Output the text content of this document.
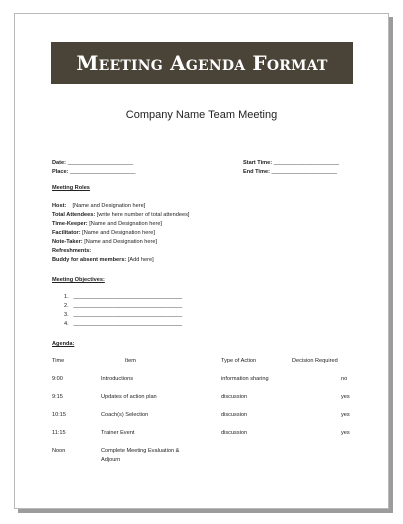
Meeting Agenda Format
Company Name Team Meeting
Date: ________________________
Place: ________________________
Start Time: ________________________
End Time: ________________________
Meeting Roles
Host: [Name and Designation here]
Total Attendees: [write here number of total attendees]
Time-Keeper: [Name and Designation here]
Facilitator: [Name and Designation here]
Note-Taker: [Name and Designation here]
Refreshments:
Buddy for absent members: [Add here]
Meeting Objectives:
1. ________________________________________
2. ________________________________________
3. ________________________________________
4. ________________________________________
Agenda:
Time	Item	Type of Action	Decision Required
9:00	Introductions	information sharing	no
9:15	Updates of action plan	discussion	yes
10:15	Coach(s) Selection	discussion	yes
11:15	Trainer Event	discussion	yes
Noon	Complete Meeting Evaluation &
Adjourn
